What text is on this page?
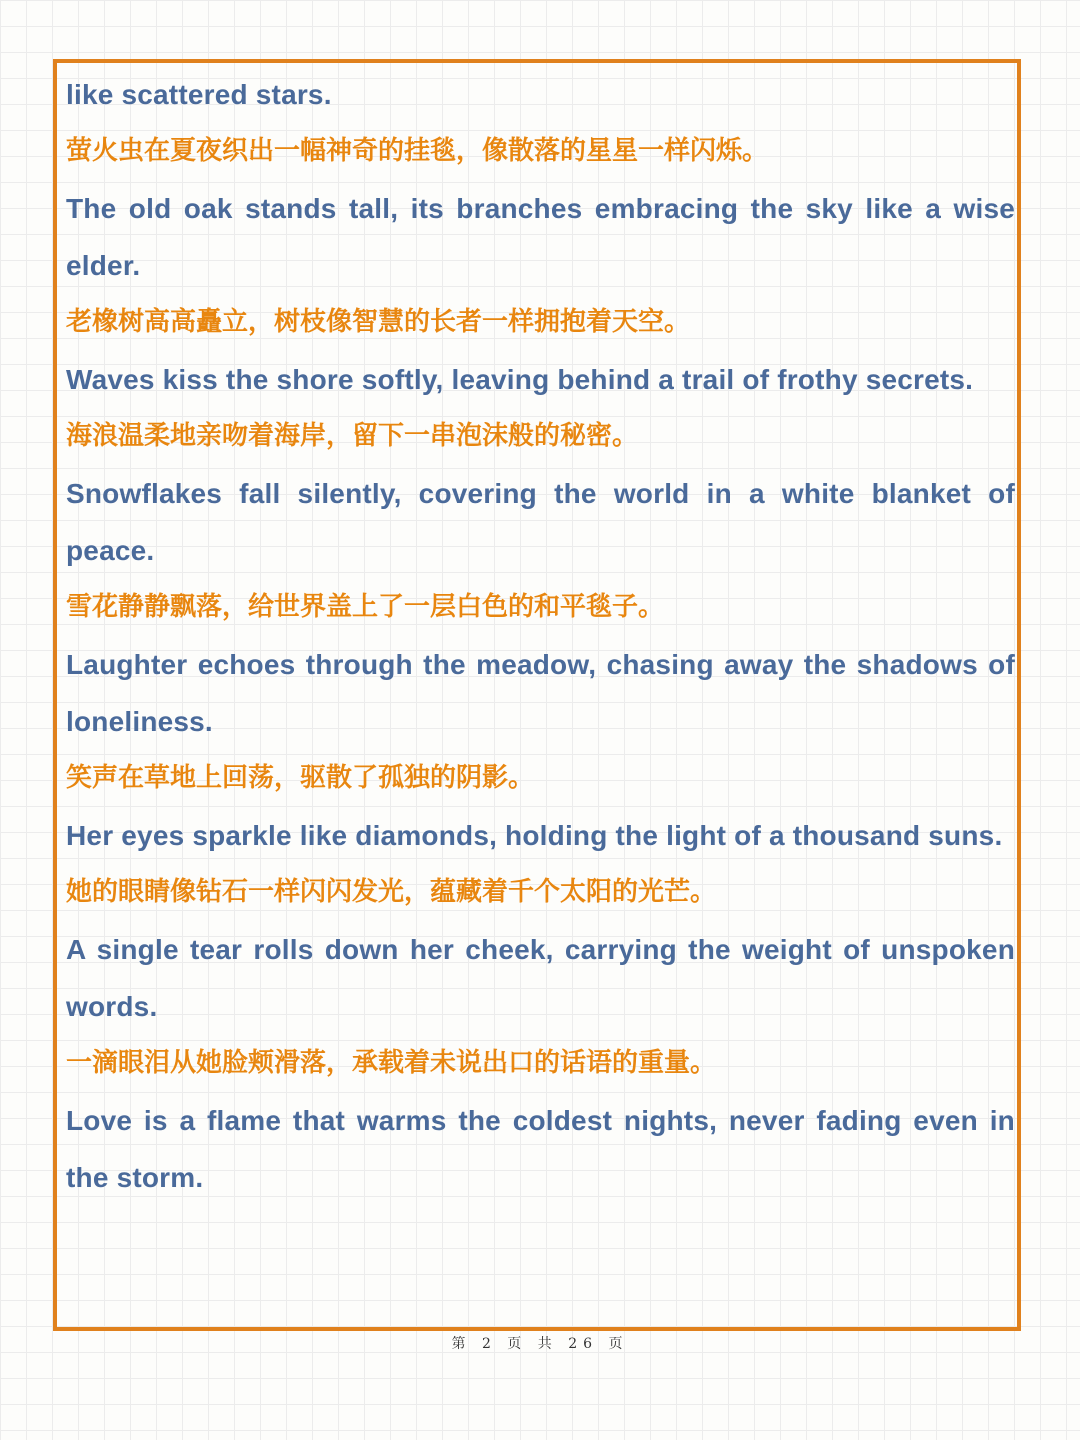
like scattered stars.

萤火虫在夏夜织出一幅神奇的挂毯，像散落的星星一样闪烁。

The old oak stands tall, its branches embracing the sky like a wise elder.

老橡树高高矗立，树枝像智慧的长者一样拥抱着天空。

Waves kiss the shore softly, leaving behind a trail of frothy secrets.

海浪温柔地亲吻着海岸，留下一串泡沫般的秘密。

Snowflakes fall silently, covering the world in a white blanket of peace.

雪花静静飘落，给世界盖上了一层白色的和平毯子。

Laughter echoes through the meadow, chasing away the shadows of loneliness.

笑声在草地上回荡，驱散了孤独的阴影。

Her eyes sparkle like diamonds, holding the light of a thousand suns.

她的眼睛像钻石一样闪闪发光，蕴藏着千个太阳的光芒。

A single tear rolls down her cheek, carrying the weight of unspoken words.

一滴眼泪从她脸颊滑落，承载着未说出口的话语的重量。

Love is a flame that warms the coldest nights, never fading even in the storm.

第 2 页 共 26 页
